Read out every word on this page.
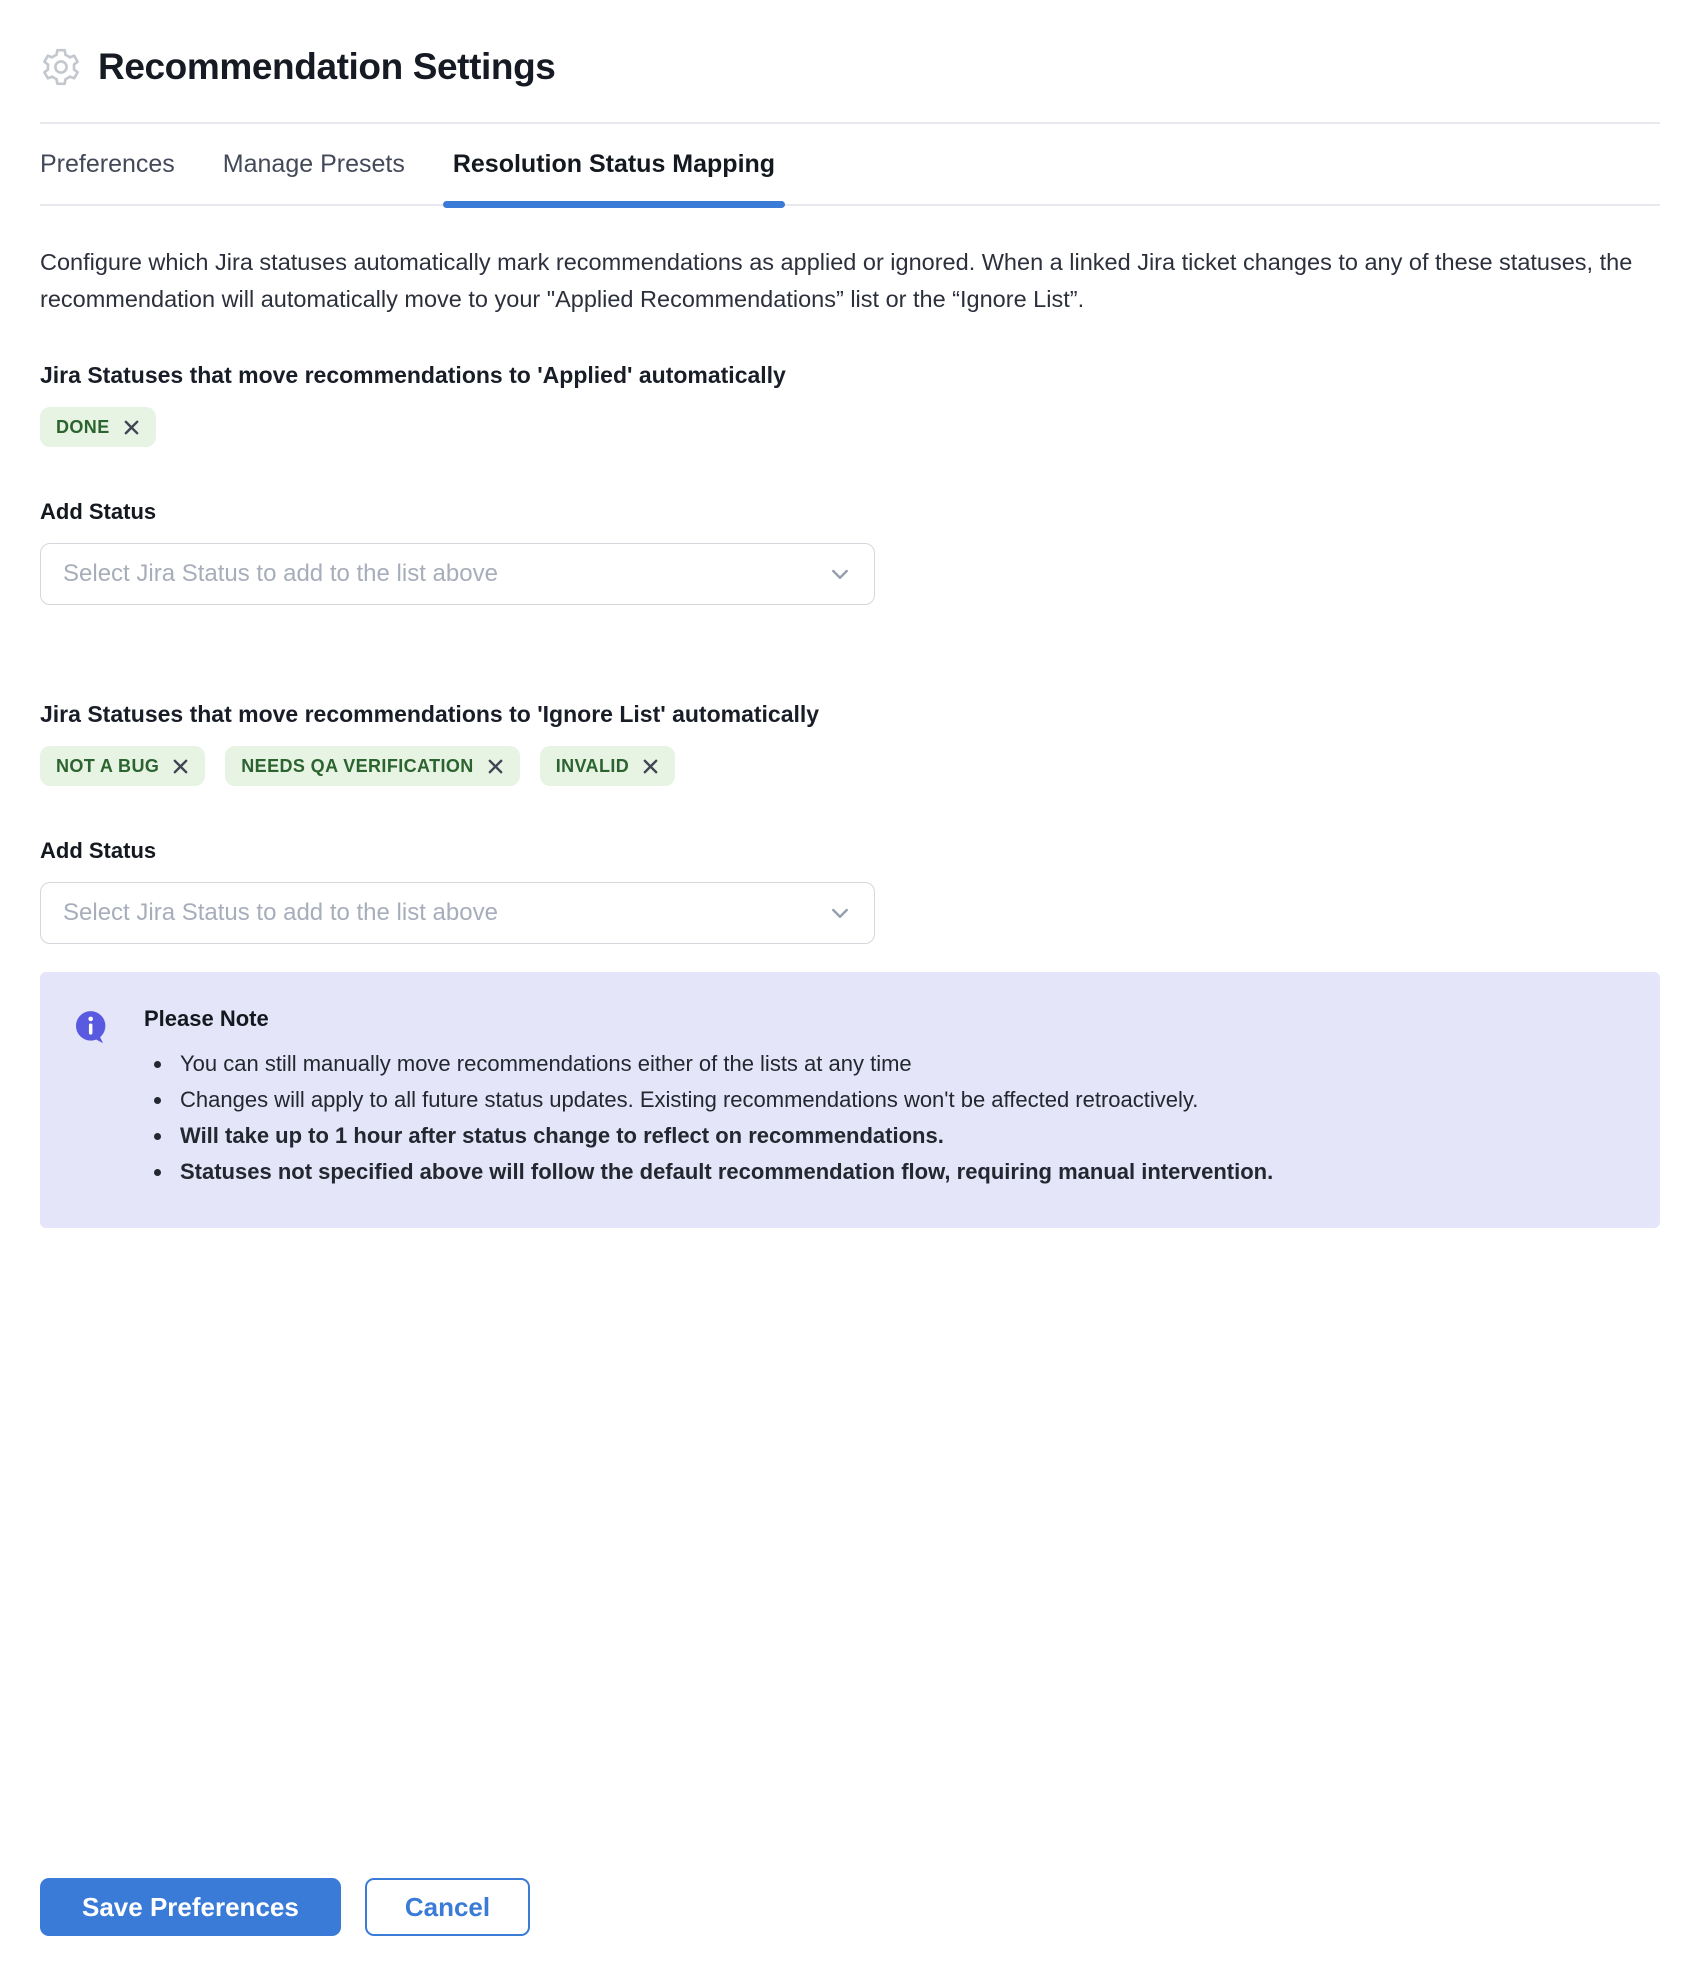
Recommendation Settings
Preferences Manage Presets Resolution Status Mapping

Configure which Jira statuses automatically mark recommendations as applied or ignored. When a linked Jira ticket changes to any of these statuses, the recommendation will automatically move to your "Applied Recommendations” list or the “Ignore List”.

Jira Statuses that move recommendations to 'Applied' automatically
DONE
Add Status
Select Jira Status to add to the list above
Jira Statuses that move recommendations to 'Ignore List' automatically
NOT A BUG	NEEDS QA VERIFICATION	INVALID
Add Status
Select Jira Status to add to the list above
Please Note
• You can still manually move recommendations either of the lists at any time
• Changes will apply to all future status updates. Existing recommendations won't be affected retroactively.
• Will take up to 1 hour after status change to reflect on recommendations.
• Statuses not specified above will follow the default recommendation flow, requiring manual intervention.
Save Preferences	Cancel
